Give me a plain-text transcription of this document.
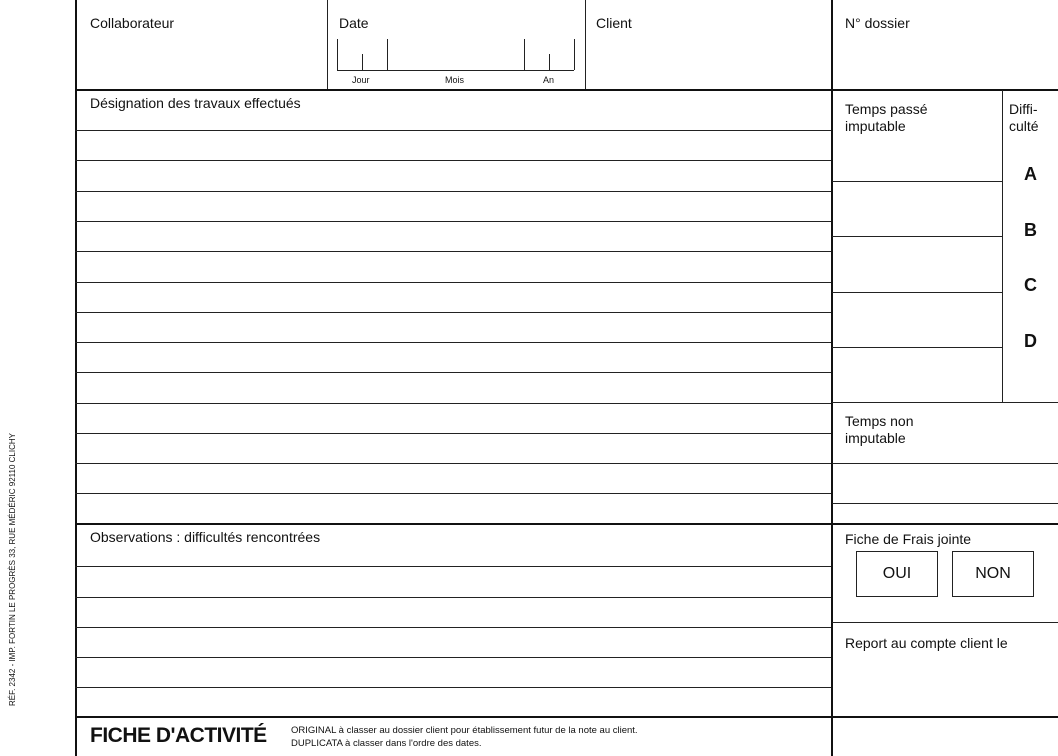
RÉF. 2342 - IMP. FORTIN LE PROGRÈS 33, RUE MÉDÉRIC 92110 CLICHY
Collaborateur	Date	Client	N° dossier
Jour	Mois	An
Désignation des travaux effectués	Temps passé
imputable
Diffi-
culté
A
B
C
D
Temps non
imputable
Observations : difficultés rencontrées	Fiche de Frais jointe
OUI	NON
Report au compte client le
FICHE D'ACTIVITÉ	ORIGINAL à classer au dossier client pour établissement futur de la note au client.
DUPLICATA à classer dans l'ordre des dates.
